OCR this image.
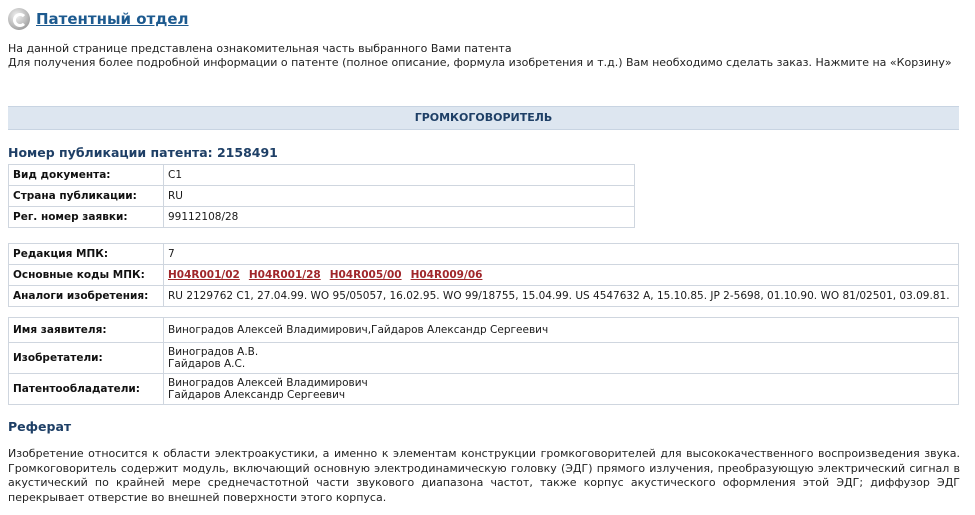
Патентный отдел
На данной странице представлена ознакомительная часть выбранного Вами патента
Для получения более подробной информации о патенте (полное описание, формула изобретения и т.д.) Вам необходимо сделать заказ. Нажмите на «Корзину»
ГРОМКОГОВОРИТЕЛЬ
Номер публикации патента: 2158491
Вид документа:	C1
Страна публикации:	RU
Рег. номер заявки:	99112108/28
Редакция МПК:	7
Основные коды МПК:	H04R001/02 H04R001/28 H04R005/00 H04R009/06
Аналоги изобретения:	RU 2129762 C1, 27.04.99. WO 95/05057, 16.02.95. WO 99/18755, 15.04.99. US 4547632 A, 15.10.85. JP 2-5698, 01.10.90. WO 81/02501, 03.09.81.
Имя заявителя:	Виноградов Алексей Владимирович,Гайдаров Александр Сергеевич
Изобретатели:	Виноградов А.В.
Гайдаров А.С.

Патентообладатели:	Виноградов Алексей Владимирович
Гайдаров Александр Сергеевич
Реферат
Изобретение относится к области электроакустики, а именно к элементам конструкции громкоговорителей для высококачественного воспроизведения звука. Громкоговоритель содержит модуль, включающий основную электродинамическую головку (ЭДГ) прямого излучения, преобразующую электрический сигнал в акустический по крайней мере среднечастотной части звукового диапазона частот, также корпус акустического оформления этой ЭДГ; диффузор ЭДГ перекрывает отверстие во внешней поверхности этого корпуса.
